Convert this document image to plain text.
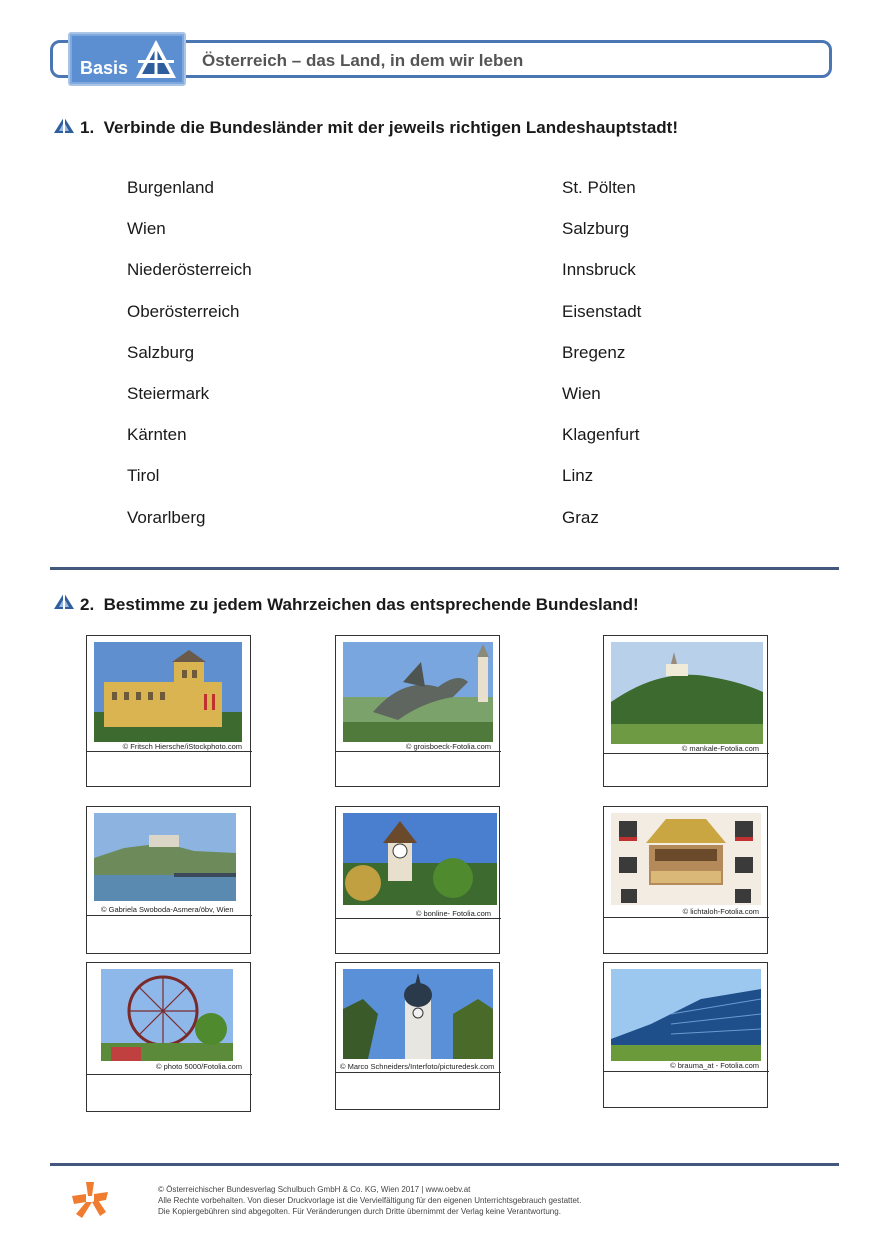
Basis	Österreich – das Land, in dem wir leben
1. Verbinde die Bundesländer mit der jeweils richtigen Landeshauptstadt!
Burgenland
Wien
Niederösterreich
Oberösterreich
Salzburg
Steiermark
Kärnten
Tirol
Vorarlberg
St. Pölten
Salzburg
Innsbruck
Eisenstadt
Bregenz
Wien
Klagenfurt
Linz
Graz
2. Bestimme zu jedem Wahrzeichen das entsprechende Bundesland!
© Fritsch Hiersche/iStockphoto.com	© groisboeck-Fotolia.com	© mankale-Fotolia.com
© Gabriela Swoboda-Asmera/öbv, Wien	© bonline- Fotolia.com	© lichtaloh-Fotolia.com
© photo 5000/Fotolia.com	© Marco Schneiders/Interfoto/picturedesk.com	© brauma_at - Fotolia.com
© Österreichischer Bundesverlag Schulbuch GmbH & Co. KG, Wien 2017 | www.oebv.at
Alle Rechte vorbehalten. Von dieser Druckvorlage ist die Vervielfältigung für den eigenen Unterrichtsgebrauch gestattet.
Die Kopiergebühren sind abgegolten. Für Veränderungen durch Dritte übernimmt der Verlag keine Verantwortung.
